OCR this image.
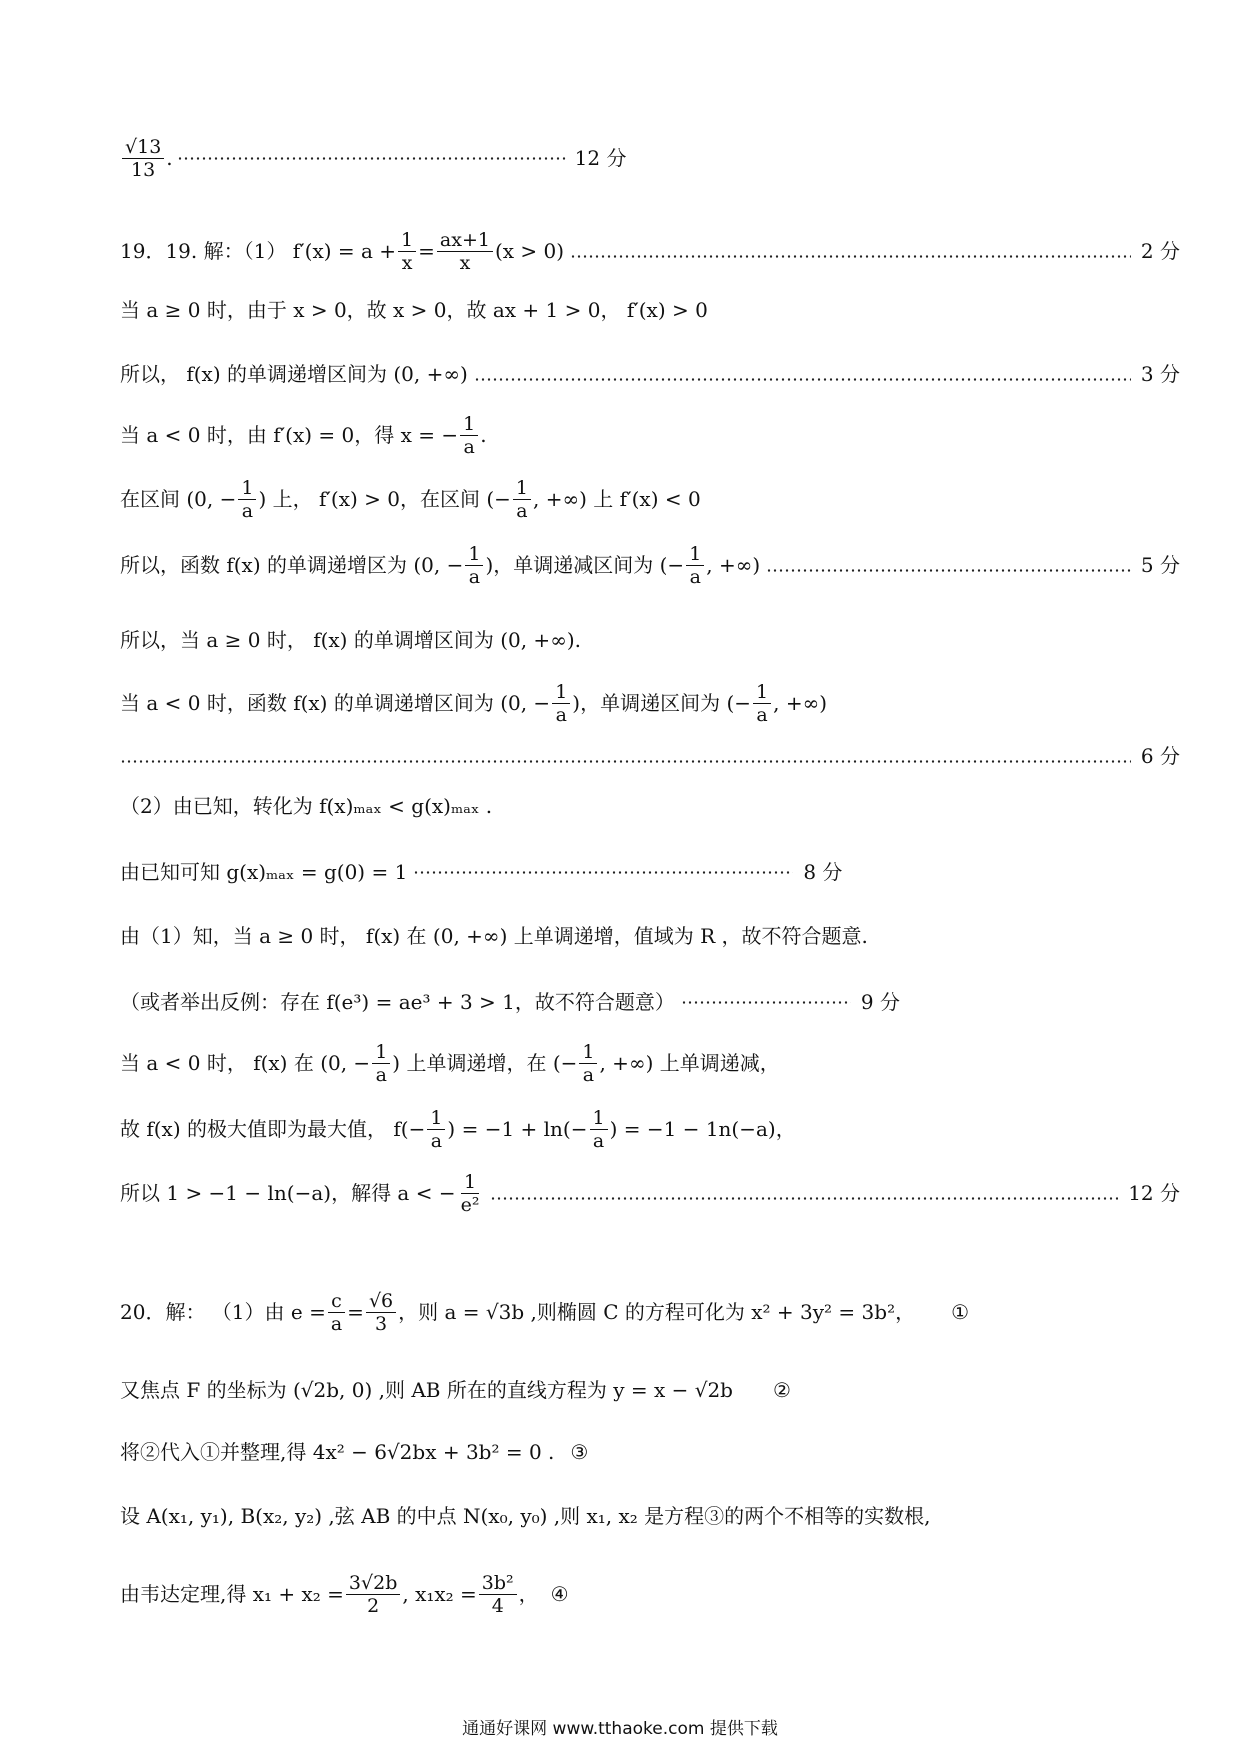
$\frac{√13}{13}$ .	12 分
19．19. 解：（1） $f'(x) = a + \frac{1}{x} = \frac{ax+1}{x} (x > 0)$	2 分
当 a ≥ 0 时，由于 x > 0，故 x > 0，故 ax + 1 > 0， f′(x) > 0
所以， f(x) 的单调递增区间为 (0, +∞)	3 分
当 a < 0 时，由 f′(x) = 0，得 x = − $\frac{1}{a}$ .
在区间 (0, − $\frac{1}{a}$ ) 上， f′(x) > 0，在区间 (− $\frac{1}{a}$ , +∞) 上 f′(x) < 0
所以，函数 f(x) 的单调递增区为 (0, − $\frac{1}{a}$ )，单调递减区间为 (− $\frac{1}{a}$ , +∞)	5 分
所以，当 a ≥ 0 时， f(x) 的单调增区间为 (0, +∞).
当 a < 0 时，函数 f(x) 的单调递增区间为 (0, − $\frac{1}{a}$ )，单调递区间为 (− $\frac{1}{a}$ , +∞)
6 分
（2）由已知，转化为 f(x)ₘₐₓ < g(x)ₘₐₓ .
由已知可知 g(x)ₘₐₓ = g(0) = 1	8 分
由（1）知，当 a ≥ 0 时， f(x) 在 (0, +∞) 上单调递增，值域为 R ，故不符合题意.
（或者举出反例：存在 f(e³) = ae³ + 3 > 1，故不符合题意）	9 分
当 a < 0 时， f(x) 在 (0, − $\frac{1}{a}$ ) 上单调递增，在 (− $\frac{1}{a}$ , +∞) 上单调递减，
故 f(x) 的极大值即为最大值， $f(- \frac{1}{a}$ ) = $-1 + \ln(- \frac{1}{a}$ ) = −1 − 1n(−a)，
所以 1 > −1 − ln(−a)，解得 a < − $\frac{1}{\text{e²}}$	12 分
20．解： （1）由 $e = \frac{c}{a} = \frac{√6}{3}$ ，则 a = √3b ,则椭圆 C 的方程可化为 x² + 3y² = 3b²， ①
又焦点 F 的坐标为 (√2b, 0) ,则 AB 所在的直线方程为 y = x − √2b ②
将②代入①并整理,得 4x² − 6√2bx + 3b² = 0 . ③
设 A(x₁, y₁), B(x₂, y₂) ,弦 AB 的中点 N(x₀, y₀) ,则 x₁, x₂ 是方程③的两个不相等的实数根,
由韦达定理,得 $x_1 + x_2 = \frac{3√2b}{2}$ , $x_1x_2 = \frac{\text{3b²}}{4}$ ， ④
通通好课网 www.tthaoke.com 提供下载
